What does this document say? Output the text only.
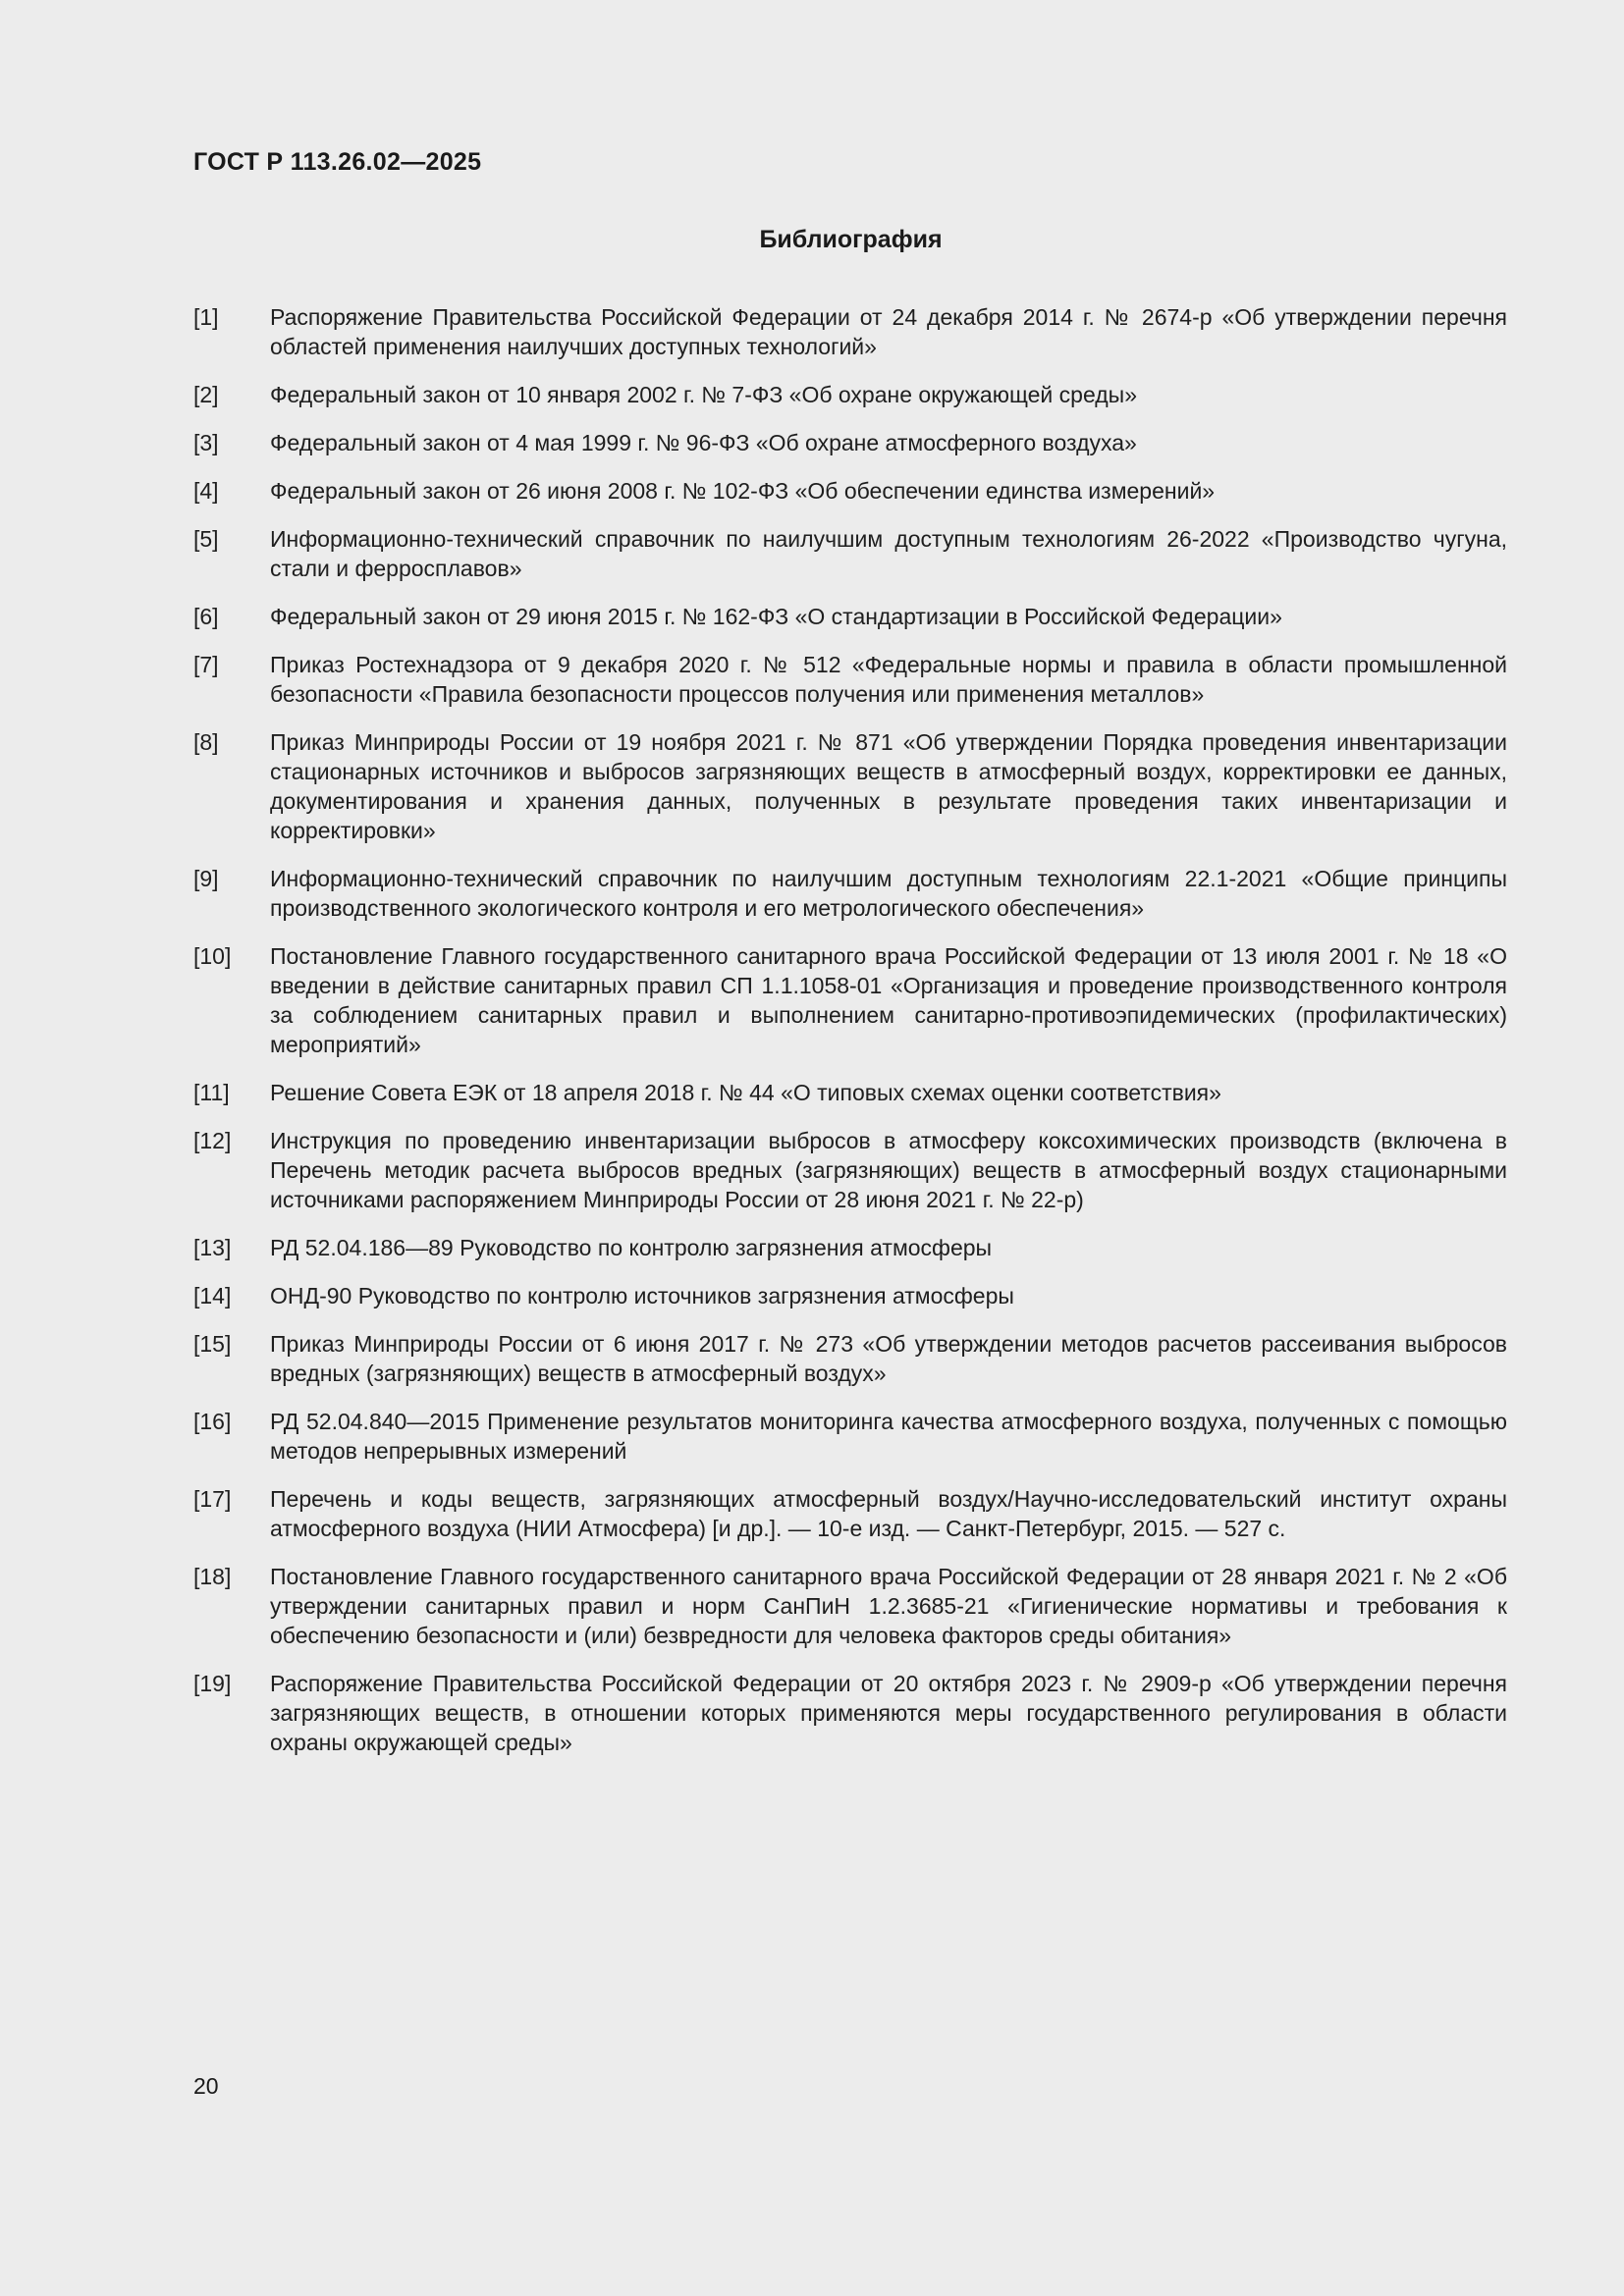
ГОСТ Р 113.26.02—2025
Библиография
[1]	Распоряжение Правительства Российской Федерации от 24 декабря 2014 г. № 2674-р «Об утверждении перечня областей применения наилучших доступных технологий»
[2]	Федеральный закон от 10 января 2002 г. № 7-ФЗ «Об охране окружающей среды»
[3]	Федеральный закон от 4 мая 1999 г. № 96-ФЗ «Об охране атмосферного воздуха»
[4]	Федеральный закон от 26 июня 2008 г. № 102-ФЗ «Об обеспечении единства измерений»
[5]	Информационно-технический справочник по наилучшим доступным технологиям 26-2022 «Производство чугуна, стали и ферросплавов»
[6]	Федеральный закон от 29 июня 2015 г. № 162-ФЗ «О стандартизации в Российской Федерации»
[7]	Приказ Ростехнадзора от 9 декабря 2020 г. № 512 «Федеральные нормы и правила в области промышленной безопасности «Правила безопасности процессов получения или применения металлов»
[8]	Приказ Минприроды России от 19 ноября 2021 г. № 871 «Об утверждении Порядка проведения инвентаризации стационарных источников и выбросов загрязняющих веществ в атмосферный воздух, корректировки ее данных, документирования и хранения данных, полученных в результате проведения таких инвентаризации и корректировки»
[9]	Информационно-технический справочник по наилучшим доступным технологиям 22.1-2021 «Общие принципы производственного экологического контроля и его метрологического обеспечения»
[10]	Постановление Главного государственного санитарного врача Российской Федерации от 13 июля 2001 г. № 18 «О введении в действие санитарных правил СП 1.1.1058-01 «Организация и проведение производственного контроля за соблюдением санитарных правил и выполнением санитарно-противоэпидемических (профилактических) мероприятий»
[11]	Решение Совета ЕЭК от 18 апреля 2018 г. № 44 «О типовых схемах оценки соответствия»
[12]	Инструкция по проведению инвентаризации выбросов в атмосферу коксохимических производств (включена в Перечень методик расчета выбросов вредных (загрязняющих) веществ в атмосферный воздух стационарными источниками распоряжением Минприроды России от 28 июня 2021 г. № 22-р)
[13]	РД 52.04.186—89 Руководство по контролю загрязнения атмосферы
[14]	ОНД-90 Руководство по контролю источников загрязнения атмосферы
[15]	Приказ Минприроды России от 6 июня 2017 г. № 273 «Об утверждении методов расчетов рассеивания выбросов вредных (загрязняющих) веществ в атмосферный воздух»
[16]	РД 52.04.840—2015 Применение результатов мониторинга качества атмосферного воздуха, полученных с помощью методов непрерывных измерений
[17]	Перечень и коды веществ, загрязняющих атмосферный воздух/Научно-исследовательский институт охраны атмосферного воздуха (НИИ Атмосфера) [и др.]. — 10-е изд. — Санкт-Петербург, 2015. — 527 с.
[18]	Постановление Главного государственного санитарного врача Российской Федерации от 28 января 2021 г. № 2 «Об утверждении санитарных правил и норм СанПиН 1.2.3685-21 «Гигиенические нормативы и требования к обеспечению безопасности и (или) безвредности для человека факторов среды обитания»
[19]	Распоряжение Правительства Российской Федерации от 20 октября 2023 г. № 2909-р «Об утверждении перечня загрязняющих веществ, в отношении которых применяются меры государственного регулирования в области охраны окружающей среды»
20
